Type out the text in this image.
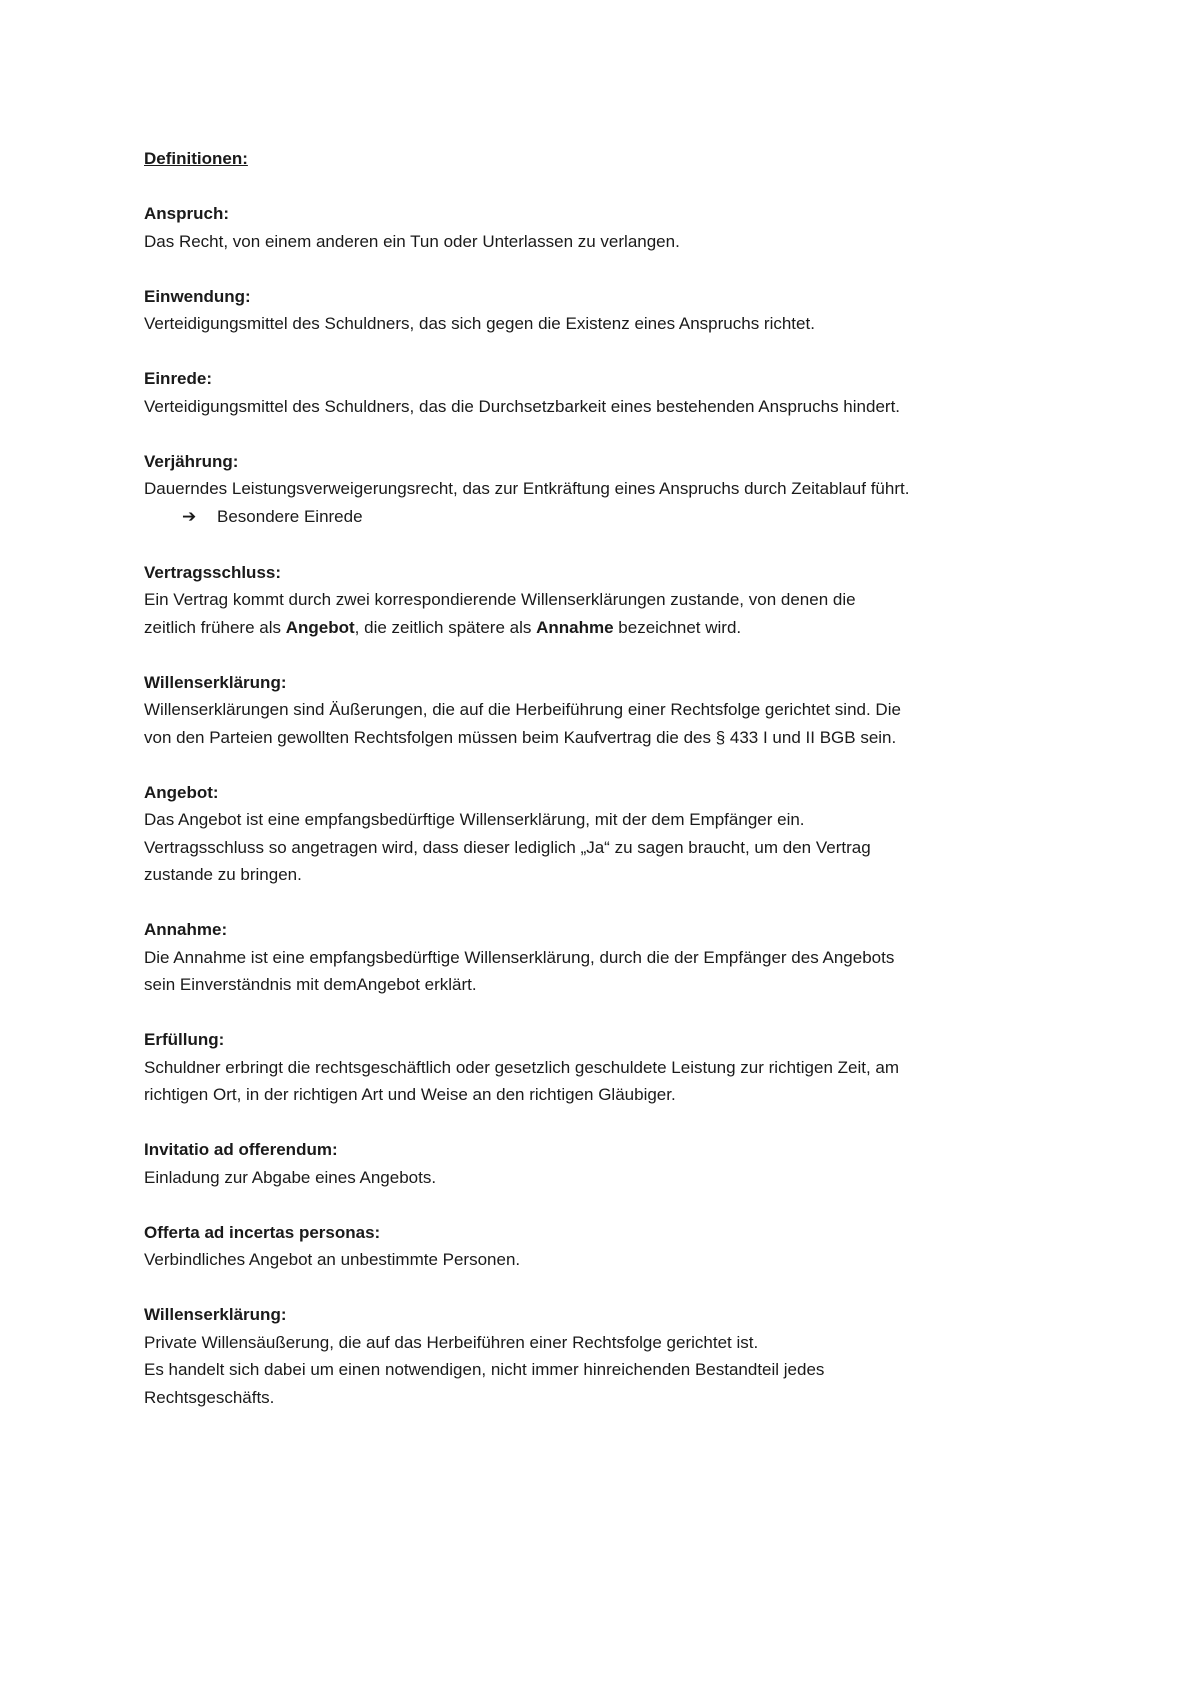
Definitionen:
Anspruch:
Das Recht, von einem anderen ein Tun oder Unterlassen zu verlangen.
Einwendung:
Verteidigungsmittel des Schuldners, das sich gegen die Existenz eines Anspruchs richtet.
Einrede:
Verteidigungsmittel des Schuldners, das die Durchsetzbarkeit eines bestehenden Anspruchs hindert.
Verjährung:
Dauerndes Leistungsverweigerungsrecht, das zur Entkräftung eines Anspruchs durch Zeitablauf führt.
➔ Besondere Einrede
Vertragsschluss:
Ein Vertrag kommt durch zwei korrespondierende Willenserklärungen zustande, von denen die
zeitlich frühere als Angebot, die zeitlich spätere als Annahme bezeichnet wird.
Willenserklärung:
Willenserklärungen sind Äußerungen, die auf die Herbeiführung einer Rechtsfolge gerichtet sind. Die
von den Parteien gewollten Rechtsfolgen müssen beim Kaufvertrag die des § 433 I und II BGB sein.
Angebot:
Das Angebot ist eine empfangsbedürftige Willenserklärung, mit der dem Empfänger ein.
Vertragsschluss so angetragen wird, dass dieser lediglich „Ja“ zu sagen braucht, um den Vertrag
zustande zu bringen.
Annahme:
Die Annahme ist eine empfangsbedürftige Willenserklärung, durch die der Empfänger des Angebots
sein Einverständnis mit demAngebot erklärt.
Erfüllung:
Schuldner erbringt die rechtsgeschäftlich oder gesetzlich geschuldete Leistung zur richtigen Zeit, am
richtigen Ort, in der richtigen Art und Weise an den richtigen Gläubiger.
Invitatio ad offerendum:
Einladung zur Abgabe eines Angebots.
Offerta ad incertas personas:
Verbindliches Angebot an unbestimmte Personen.
Willenserklärung:
Private Willensäußerung, die auf das Herbeiführen einer Rechtsfolge gerichtet ist.
Es handelt sich dabei um einen notwendigen, nicht immer hinreichenden Bestandteil jedes
Rechtsgeschäfts.
